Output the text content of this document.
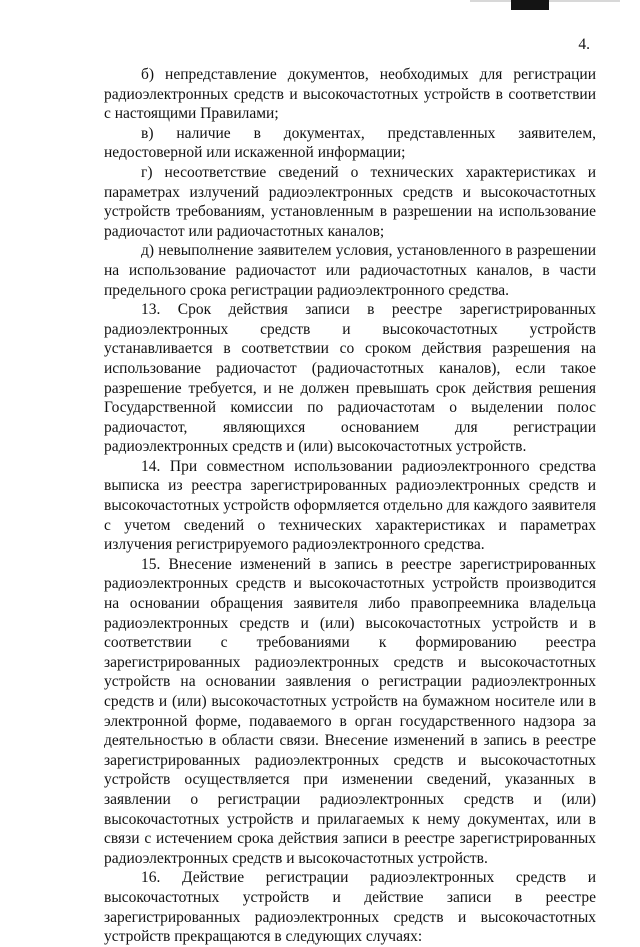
4.

б) непредставление документов, необходимых для регистрации радиоэлектронных средств и высокочастотных устройств в соответствии с настоящими Правилами;

в) наличие в документах, представленных заявителем, недостоверной или искаженной информации;

г) несоответствие сведений о технических характеристиках и параметрах излучений радиоэлектронных средств и высокочастотных устройств требованиям, установленным в разрешении на использование радиочастот или радиочастотных каналов;

д) невыполнение заявителем условия, установленного в разрешении на использование радиочастот или радиочастотных каналов, в части предельного срока регистрации радиоэлектронного средства.

13. Срок действия записи в реестре зарегистрированных радиоэлектронных средств и высокочастотных устройств устанавливается в соответствии со сроком действия разрешения на использование радиочастот (радиочастотных каналов), если такое разрешение требуется, и не должен превышать срок действия решения Государственной комиссии по радиочастотам о выделении полос радиочастот, являющихся основанием для регистрации радиоэлектронных средств и (или) высокочастотных устройств.

14. При совместном использовании радиоэлектронного средства выписка из реестра зарегистрированных радиоэлектронных средств и высокочастотных устройств оформляется отдельно для каждого заявителя с учетом сведений о технических характеристиках и параметрах излучения регистрируемого радиоэлектронного средства.

15. Внесение изменений в запись в реестре зарегистрированных радиоэлектронных средств и высокочастотных устройств производится на основании обращения заявителя либо правопреемника владельца радиоэлектронных средств и (или) высокочастотных устройств и в соответствии с требованиями к формированию реестра зарегистрированных радиоэлектронных средств и высокочастотных устройств на основании заявления о регистрации радиоэлектронных средств и (или) высокочастотных устройств на бумажном носителе или в электронной форме, подаваемого в орган государственного надзора за деятельностью в области связи. Внесение изменений в запись в реестре зарегистрированных радиоэлектронных средств и высокочастотных устройств осуществляется при изменении сведений, указанных в заявлении о регистрации радиоэлектронных средств и (или) высокочастотных устройств и прилагаемых к нему документах, или в связи с истечением срока действия записи в реестре зарегистрированных радиоэлектронных средств и высокочастотных устройств.

16. Действие регистрации радиоэлектронных средств и высокочастотных устройств и действие записи в реестре зарегистрированных радиоэлектронных средств и высокочастотных устройств прекращаются в следующих случаях:
